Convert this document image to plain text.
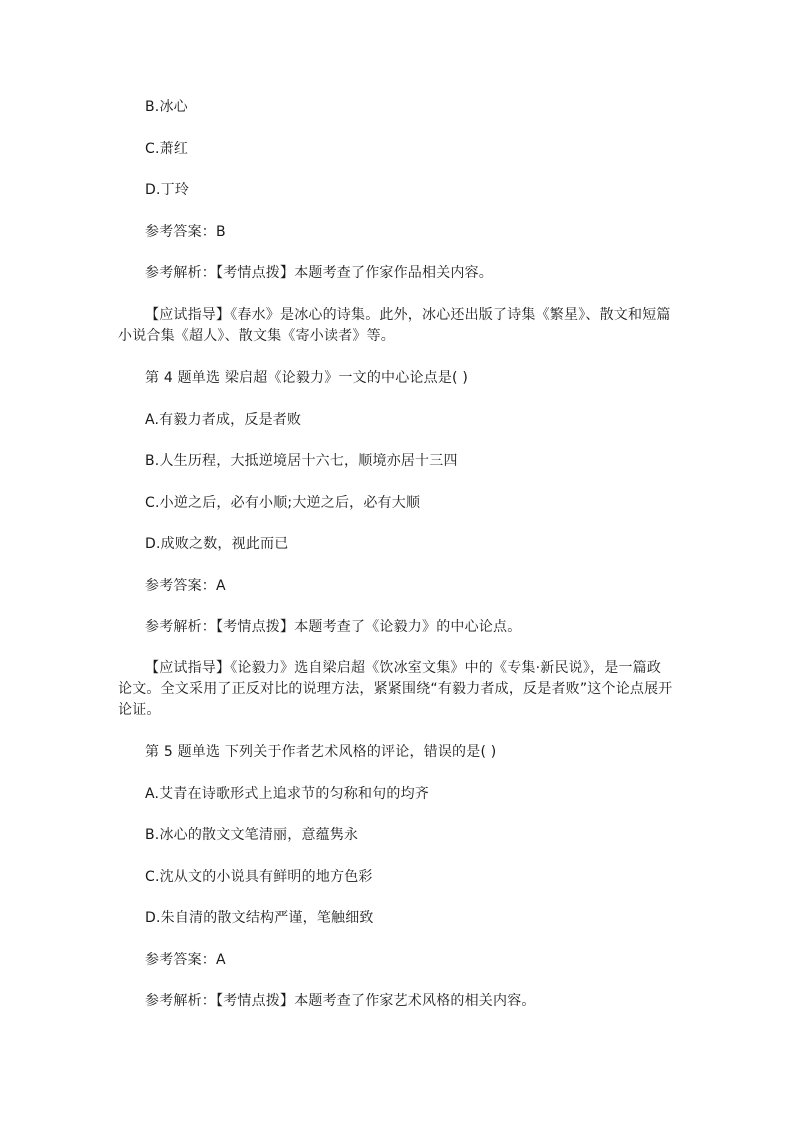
B.冰心
C.萧红
D.丁玲
参考答案：B
参考解析：【考情点拨】本题考查了作家作品相关内容。
【应试指导】《春水》是冰心的诗集。此外，冰心还出版了诗集《繁星》、散文和短篇小说合集《超人》、散文集《寄小读者》等。
第 4 题单选 梁启超《论毅力》一文的中心论点是( )
A.有毅力者成，反是者败
B.人生历程，大抵逆境居十六七，顺境亦居十三四
C.小逆之后，必有小顺;大逆之后，必有大顺
D.成败之数，视此而已
参考答案：A
参考解析：【考情点拨】本题考查了《论毅力》的中心论点。
【应试指导】《论毅力》选自梁启超《饮冰室文集》中的《专集·新民说》，是一篇政论文。全文采用了正反对比的说理方法，紧紧围绕“有毅力者成，反是者败”这个论点展开论证。
第 5 题单选 下列关于作者艺术风格的评论，错误的是( )
A.艾青在诗歌形式上追求节的匀称和句的均齐
B.冰心的散文文笔清丽，意蕴隽永
C.沈从文的小说具有鲜明的地方色彩
D.朱自清的散文结构严谨，笔触细致
参考答案：A
参考解析：【考情点拨】本题考查了作家艺术风格的相关内容。
